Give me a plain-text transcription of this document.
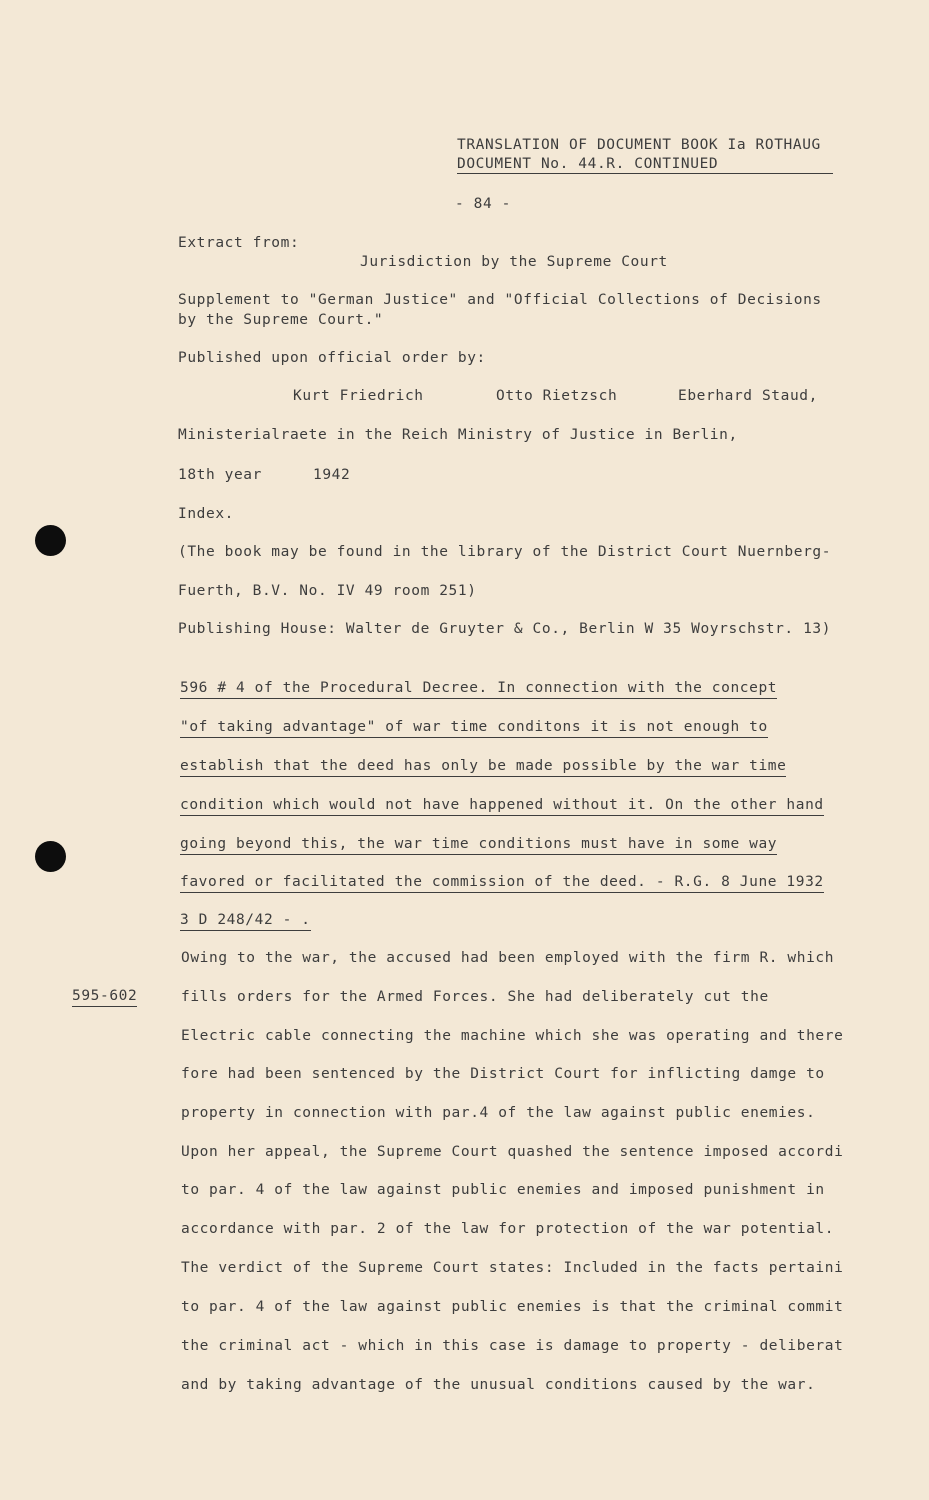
TRANSLATION OF DOCUMENT BOOK Ia ROTHAUG
DOCUMENT No. 44.R. CONTINUED
- 84 -
Extract from:
Jurisdiction by the Supreme Court
Supplement to "German Justice" and "Official Collections of Decisions
by the Supreme Court."
Published upon official order by:
Kurt Friedrich	Otto Rietzsch	Eberhard Staud,
Ministerialraete in the Reich Ministry of Justice in Berlin,
18th year	1942
Index.
(The book may be found in the library of the District Court Nuernberg-
Fuerth, B.V. No. IV 49 room 251)
Publishing House: Walter de Gruyter & Co., Berlin W 35 Woyrschstr. 13)
596 # 4 of the Procedural Decree. In connection with the concept
"of taking advantage" of war time conditons it is not enough to
establish that the deed has only be made possible by the war time
condition which would not have happened without it. On the other hand
going beyond this, the war time conditions must have in some way
favored or facilitated the commission of the deed. - R.G. 8 June 1932
3 D 248/42 - .
595-602
Owing to the war, the accused had been employed with the firm R. which
fills orders for the Armed Forces. She had deliberately cut the
Electric cable connecting the machine which she was operating and there
fore had been sentenced by the District Court for inflicting damge to
property in connection with par.4 of the law against public enemies.
Upon her appeal, the Supreme Court quashed the sentence imposed accordi
to par. 4 of the law against public enemies and imposed punishment in
accordance with par. 2 of the law for protection of the war potential.
The verdict of the Supreme Court states: Included in the facts pertaini
to par. 4 of the law against public enemies is that the criminal commit
the criminal act - which in this case is damage to property - deliberat
and by taking advantage of the unusual conditions caused by the war.
